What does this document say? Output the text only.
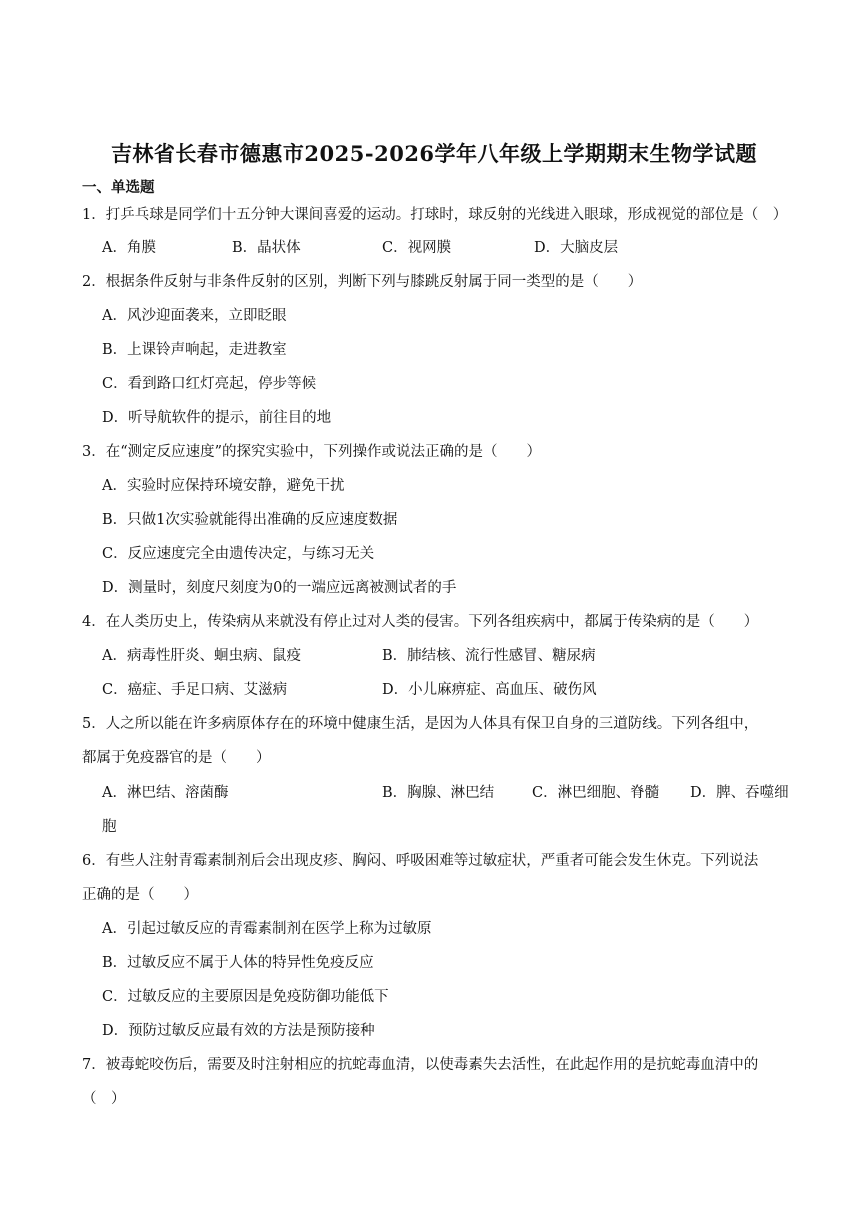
吉林省长春市德惠市2025-2026学年八年级上学期期末生物学试题
一、单选题
1．打乒乓球是同学们十五分钟大课间喜爱的运动。打球时，球反射的光线进入眼球，形成视觉的部位是（　）
A．角膜	B．晶状体	C．视网膜	D．大脑皮层
2．根据条件反射与非条件反射的区别，判断下列与膝跳反射属于同一类型的是（　　）
A．风沙迎面袭来，立即眨眼
B．上课铃声响起，走进教室
C．看到路口红灯亮起，停步等候
D．听导航软件的提示，前往目的地
3．在“测定反应速度”的探究实验中，下列操作或说法正确的是（　　）
A．实验时应保持环境安静，避免干扰
B．只做1次实验就能得出准确的反应速度数据
C．反应速度完全由遗传决定，与练习无关
D．测量时，刻度尺刻度为0的一端应远离被测试者的手
4．在人类历史上，传染病从来就没有停止过对人类的侵害。下列各组疾病中，都属于传染病的是（　　）
A．病毒性肝炎、蛔虫病、鼠疫	B．肺结核、流行性感冒、糖尿病
C．癌症、手足口病、艾滋病	D．小儿麻痹症、高血压、破伤风
5．人之所以能在许多病原体存在的环境中健康生活，是因为人体具有保卫自身的三道防线。下列各组中，
都属于免疫器官的是（　　）
A．淋巴结、溶菌酶	B．胸腺、淋巴结	C．淋巴细胞、脊髓 D．脾、吞噬细
胞
6．有些人注射青霉素制剂后会出现皮疹、胸闷、呼吸困难等过敏症状，严重者可能会发生休克。下列说法
正确的是（　　）
A．引起过敏反应的青霉素制剂在医学上称为过敏原
B．过敏反应不属于人体的特异性免疫反应
C．过敏反应的主要原因是免疫防御功能低下
D．预防过敏反应最有效的方法是预防接种
7．被毒蛇咬伤后，需要及时注射相应的抗蛇毒血清，以使毒素失去活性，在此起作用的是抗蛇毒血清中的
（　）
